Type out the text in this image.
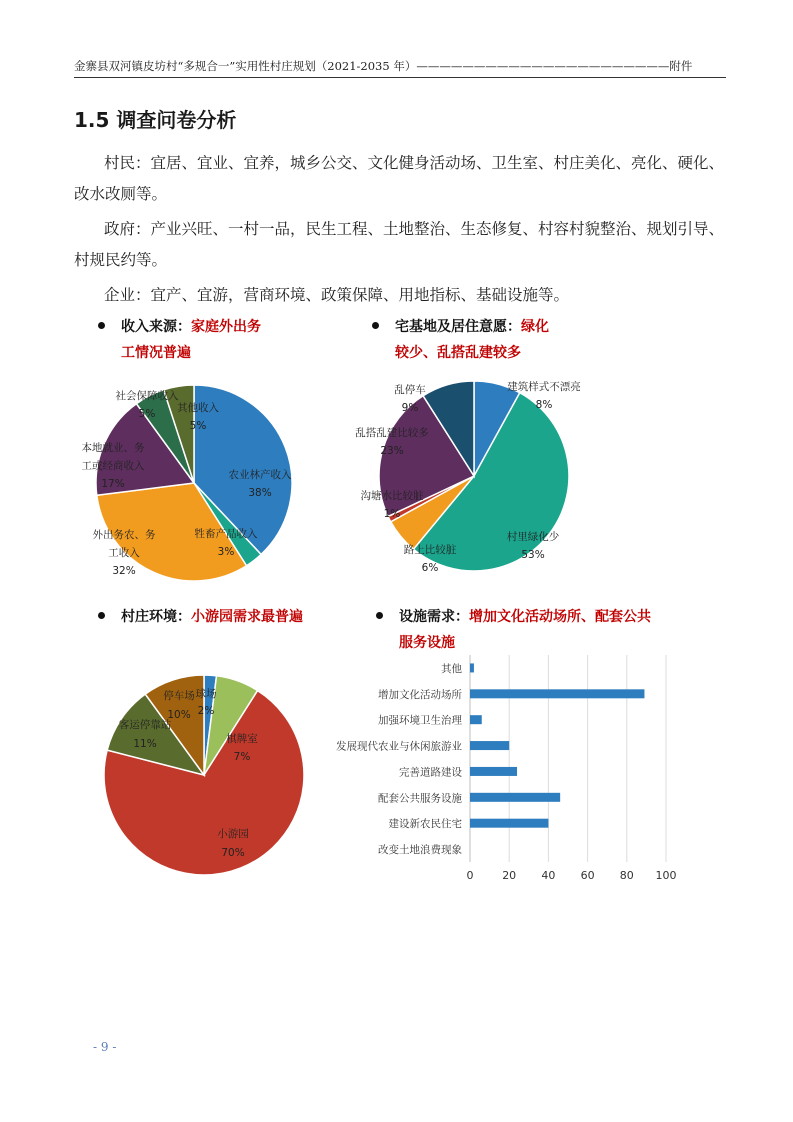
金寨县双河镇皮坊村“多规合一”实用性村庄规划（2021-2035 年）——————————————————————附件
1.5 调查问卷分析
村民：宜居、宜业、宜养，城乡公交、文化健身活动场、卫生室、村庄美化、亮化、硬化、改水改厕等。
政府：产业兴旺、一村一品，民生工程、土地整治、生态修复、村容村貌整治、规划引导、村规民约等。
企业：宜产、宜游，营商环境、政策保障、用地指标、基础设施等。
收入来源：家庭外出务
工情况普遍
宅基地及居住意愿：绿化
较少、乱搭乱建较多
村庄环境：小游园需求最普遍	设施需求：增加文化活动场所、配套公共
服务设施
农业林产收入
38%
牲畜产品收入
3%
外出务农、务
工收入
32%
本地就业、务
工或经商收入
17%
社会保障收入
5% 其他收入
5%
建筑样式不漂亮
8%
村里绿化少
53%
路上比较脏
6%
沟塘水比较脏
1%
乱搭乱建比较多
23%
乱停车
9%
球场
2%
棋牌室
7%
小游园
70%
客运停靠站
11%
停车场
10%
0	20 40 60 80 100
其他
增加文化活动场所
加强环境卫生治理
发展现代农业与休闲旅游业
完善道路建设
配套公共服务设施
建设新农民住宅
改变土地浪费现象
- 9 -
